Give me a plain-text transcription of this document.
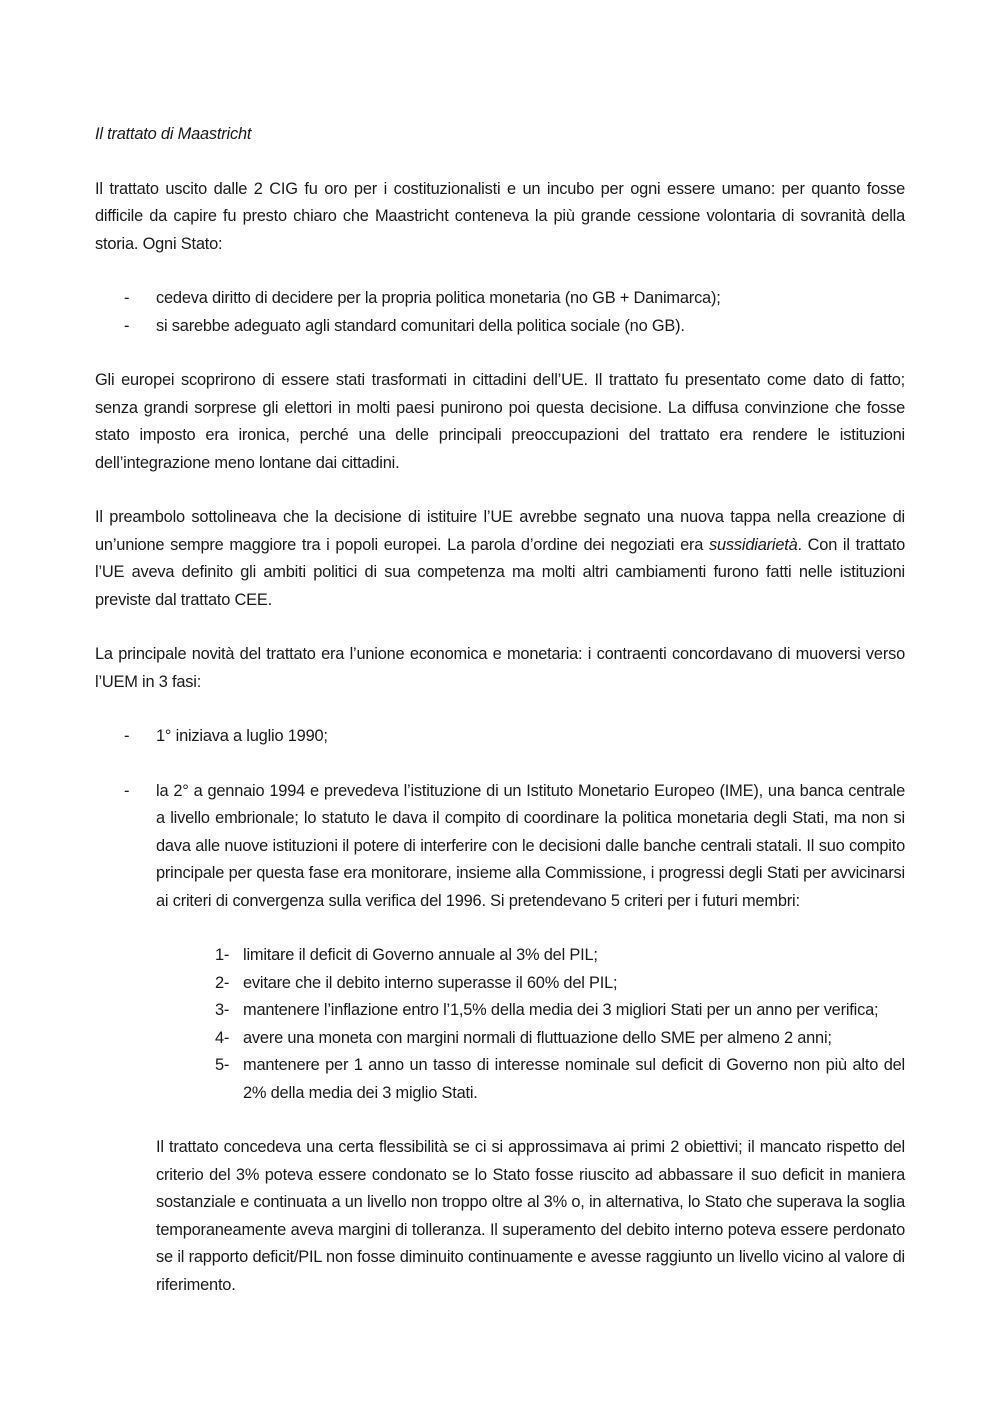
Il trattato di Maastricht

Il trattato uscito dalle 2 CIG fu oro per i costituzionalisti e un incubo per ogni essere umano: per quanto fosse difficile da capire fu presto chiaro che Maastricht conteneva la più grande cessione volontaria di sovranità della storia. Ogni Stato:

- cedeva diritto di decidere per la propria politica monetaria (no GB + Danimarca);
- si sarebbe adeguato agli standard comunitari della politica sociale (no GB).

Gli europei scoprirono di essere stati trasformati in cittadini dell’UE. Il trattato fu presentato come dato di fatto; senza grandi sorprese gli elettori in molti paesi punirono poi questa decisione. La diffusa convinzione che fosse stato imposto era ironica, perché una delle principali preoccupazioni del trattato era rendere le istituzioni dell’integrazione meno lontane dai cittadini.

Il preambolo sottolineava che la decisione di istituire l’UE avrebbe segnato una nuova tappa nella creazione di un’unione sempre maggiore tra i popoli europei. La parola d’ordine dei negoziati era sussidiarietà. Con il trattato l’UE aveva definito gli ambiti politici di sua competenza ma molti altri cambiamenti furono fatti nelle istituzioni previste dal trattato CEE.

La principale novità del trattato era l’unione economica e monetaria: i contraenti concordavano di muoversi verso l’UEM in 3 fasi:

- 1° iniziava a luglio 1990;
- la 2° a gennaio 1994 e prevedeva l’istituzione di un Istituto Monetario Europeo (IME), una banca centrale a livello embrionale; lo statuto le dava il compito di coordinare la politica monetaria degli Stati, ma non si dava alle nuove istituzioni il potere di interferire con le decisioni dalle banche centrali statali. Il suo compito principale per questa fase era monitorare, insieme alla Commissione, i progressi degli Stati per avvicinarsi ai criteri di convergenza sulla verifica del 1996. Si pretendevano 5 criteri per i futuri membri:
1- limitare il deficit di Governo annuale al 3% del PIL;
2- evitare che il debito interno superasse il 60% del PIL;
3- mantenere l’inflazione entro l’1,5% della media dei 3 migliori Stati per un anno per verifica;
4- avere una moneta con margini normali di fluttuazione dello SME per almeno 2 anni;
5- mantenere per 1 anno un tasso di interesse nominale sul deficit di Governo non più alto del 2% della media dei 3 miglio Stati.

Il trattato concedeva una certa flessibilità se ci si approssimava ai primi 2 obiettivi; il mancato rispetto del criterio del 3% poteva essere condonato se lo Stato fosse riuscito ad abbassare il suo deficit in maniera sostanziale e continuata a un livello non troppo oltre al 3% o, in alternativa, lo Stato che superava la soglia temporaneamente aveva margini di tolleranza. Il superamento del debito interno poteva essere perdonato se il rapporto deficit/PIL non fosse diminuito continuamente e avesse raggiunto un livello vicino al valore di riferimento.
